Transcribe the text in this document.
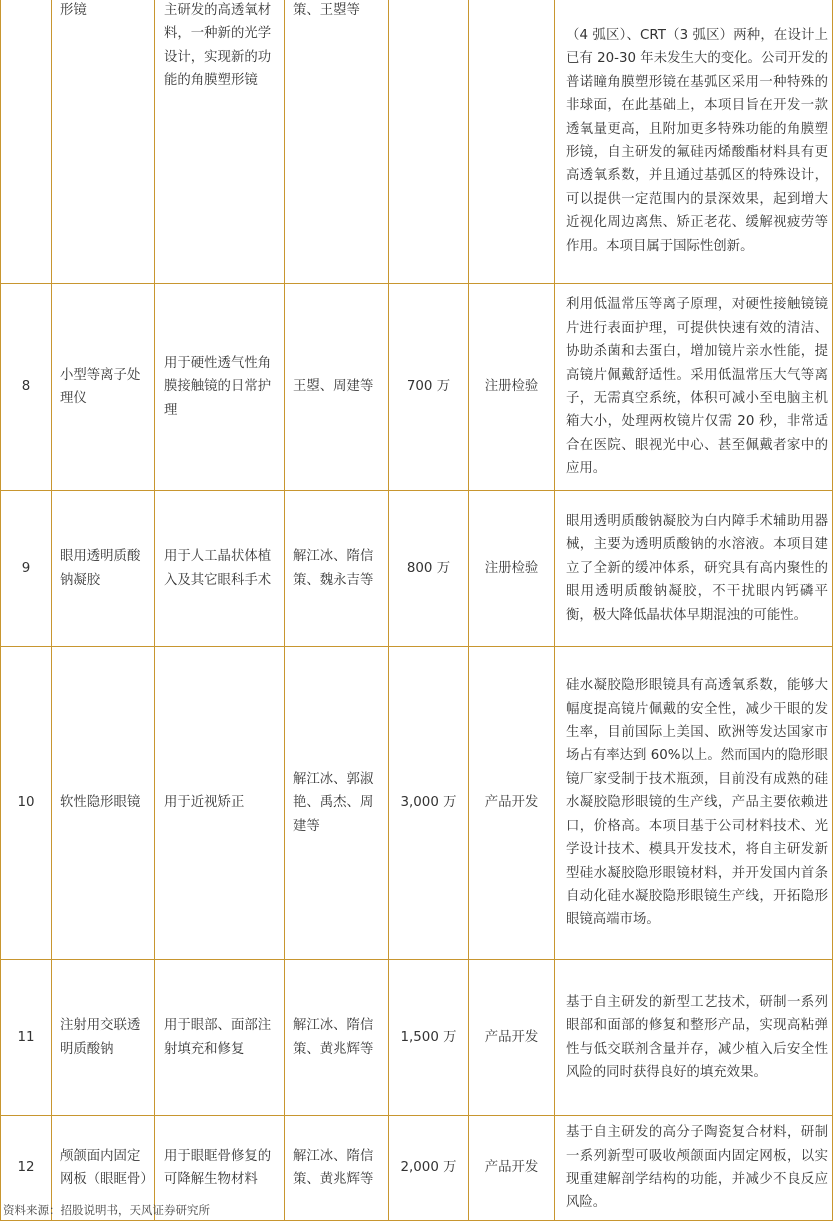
	形镜	主研发的高透氧材料，一种新的光学设计，实现新的功能的角膜塑形镜	策、王曌等			（4 弧区）、CRT（3 弧区）两种，在设计上已有 20-30 年未发生大的变化。公司开发的普诺瞳角膜塑形镜在基弧区采用一种特殊的非球面，在此基础上，本项目旨在开发一款透氧量更高，且附加更多特殊功能的角膜塑形镜，自主研发的氟硅丙烯酸酯材料具有更高透氧系数，并且通过基弧区的特殊设计，可以提供一定范围内的景深效果，起到增大近视化周边离焦、矫正老花、缓解视疲劳等作用。本项目属于国际性创新。
8	小型等离子处理仪	用于硬性透气性角膜接触镜的日常护理	王曌、周建等	700 万	注册检验	利用低温常压等离子原理，对硬性接触镜镜片进行表面护理，可提供快速有效的清洁、协助杀菌和去蛋白，增加镜片亲水性能，提高镜片佩戴舒适性。采用低温常压大气等离子，无需真空系统，体积可减小至电脑主机箱大小，处理两枚镜片仅需 20 秒，非常适合在医院、眼视光中心、甚至佩戴者家中的应用。
9	眼用透明质酸钠凝胶	用于人工晶状体植入及其它眼科手术	解江冰、隋信策、魏永吉等	800 万	注册检验	眼用透明质酸钠凝胶为白内障手术辅助用器械，主要为透明质酸钠的水溶液。本项目建立了全新的缓冲体系，研究具有高内聚性的眼用透明质酸钠凝胶，不干扰眼内钙磷平衡，极大降低晶状体早期混浊的可能性。
10	软性隐形眼镜	用于近视矫正	解江冰、郭淑艳、禹杰、周建等	3,000 万	产品开发	硅水凝胶隐形眼镜具有高透氧系数，能够大幅度提高镜片佩戴的安全性，减少干眼的发生率，目前国际上美国、欧洲等发达国家市场占有率达到 60%以上。然而国内的隐形眼镜厂家受制于技术瓶颈，目前没有成熟的硅水凝胶隐形眼镜的生产线，产品主要依赖进口，价格高。本项目基于公司材料技术、光学设计技术、模具开发技术，将自主研发新型硅水凝胶隐形眼镜材料，并开发国内首条自动化硅水凝胶隐形眼镜生产线，开拓隐形眼镜高端市场。
11	注射用交联透明质酸钠	用于眼部、面部注射填充和修复	解江冰、隋信策、黄兆辉等	1,500 万	产品开发	基于自主研发的新型工艺技术，研制一系列眼部和面部的修复和整形产品，实现高粘弹性与低交联剂含量并存，减少植入后安全性风险的同时获得良好的填充效果。
12	颅颌面内固定网板（眼眶骨）	用于眼眶骨修复的可降解生物材料	解江冰、隋信策、黄兆辉等	2,000 万	产品开发	基于自主研发的高分子陶瓷复合材料，研制一系列新型可吸收颅颌面内固定网板，以实现重建解剖学结构的功能，并减少不良反应风险。
资料来源：招股说明书，天风证券研究所
